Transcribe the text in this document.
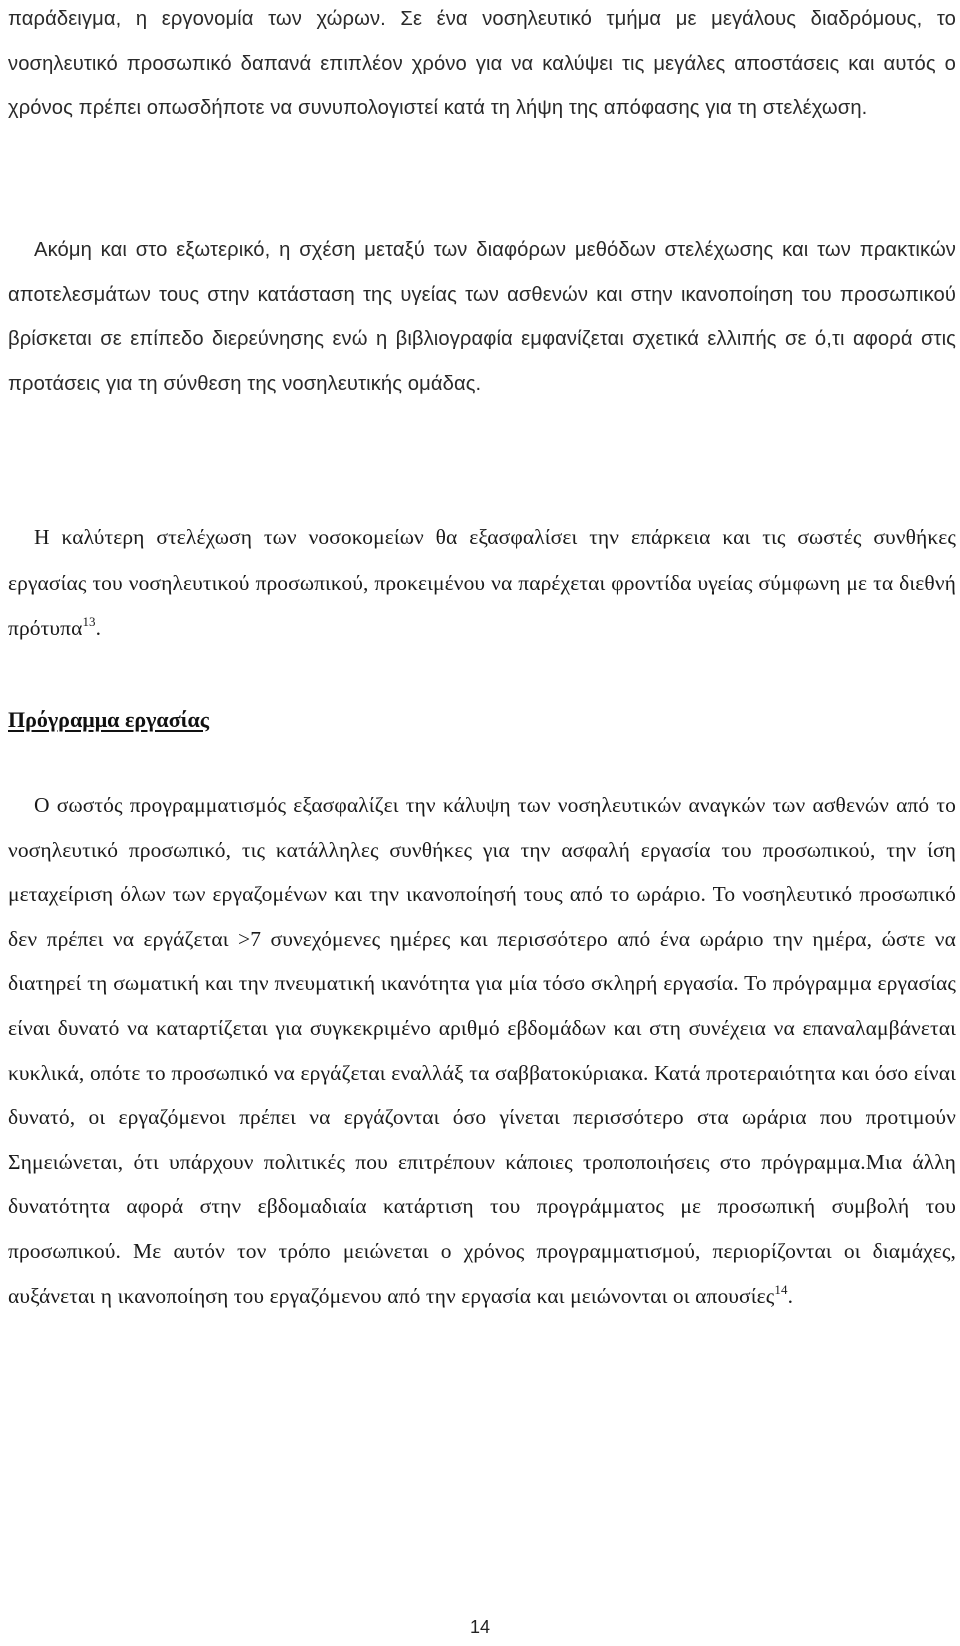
παράδειγμα, η εργονομία των χώρων. Σε ένα νοσηλευτικό τμήμα με μεγάλους διαδρόμους, το νοσηλευτικό προσωπικό δαπανά επιπλέον χρόνο για να καλύψει τις μεγάλες αποστάσεις και αυτός ο χρόνος πρέπει οπωσδήποτε να συνυπολογιστεί κατά τη λήψη της απόφασης για τη στελέχωση.

Ακόμη και στο εξωτερικό, η σχέση μεταξύ των διαφόρων μεθόδων στελέχωσης και των πρακτικών αποτελεσμάτων τους στην κατάσταση της υγείας των ασθενών και στην ικανοποίηση του προσωπικού βρίσκεται σε επίπεδο διερεύνησης ενώ η βιβλιογραφία εμφανίζεται σχετικά ελλιπής σε ό,τι αφορά στις προτάσεις για τη σύνθεση της νοσηλευτικής ομάδας.

Η καλύτερη στελέχωση των νοσοκομείων θα εξασφαλίσει την επάρκεια και τις σωστές συνθήκες εργασίας του νοσηλευτικού προσωπικού, προκειμένου να παρέχεται φροντίδα υγείας σύμφωνη με τα διεθνή πρότυπα$^{13}$.

Πρόγραμμα εργασίας

Ο σωστός προγραμματισμός εξασφαλίζει την κάλυψη των νοσηλευτικών αναγκών των ασθενών από το νοσηλευτικό προσωπικό, τις κατάλληλες συνθήκες για την ασφαλή εργασία του προσωπικού, την ίση μεταχείριση όλων των εργαζομένων και την ικανοποίησή τους από το ωράριο. Το νοσηλευτικό προσωπικό δεν πρέπει να εργάζεται >7 συνεχόμενες ημέρες και περισσότερο από ένα ωράριο την ημέρα, ώστε να διατηρεί τη σωματική και την πνευματική ικανότητα για μία τόσο σκληρή εργασία. Το πρόγραμμα εργασίας είναι δυνατό να καταρτίζεται για συγκεκριμένο αριθμό εβδομάδων και στη συνέχεια να επαναλαμβάνεται κυκλικά, οπότε το προσωπικό να εργάζεται εναλλάξ τα σαββατοκύριακα. Κατά προτεραιότητα και όσο είναι δυνατό, οι εργαζόμενοι πρέπει να εργάζονται όσο γίνεται περισσότερο στα ωράρια που προτιμούν Σημειώνεται, ότι υπάρχουν πολιτικές που επιτρέπουν κάποιες τροποποιήσεις στο πρόγραμμα.Μια άλλη δυνατότητα αφορά στην εβδομαδιαία κατάρτιση του προγράμματος με προσωπική συμβολή του προσωπικού. Με αυτόν τον τρόπο μειώνεται ο χρόνος προγραμματισμού, περιορίζονται οι διαμάχες, αυξάνεται η ικανοποίηση του εργαζόμενου από την εργασία και μειώνονται οι απουσίες$^{14}$.

14
